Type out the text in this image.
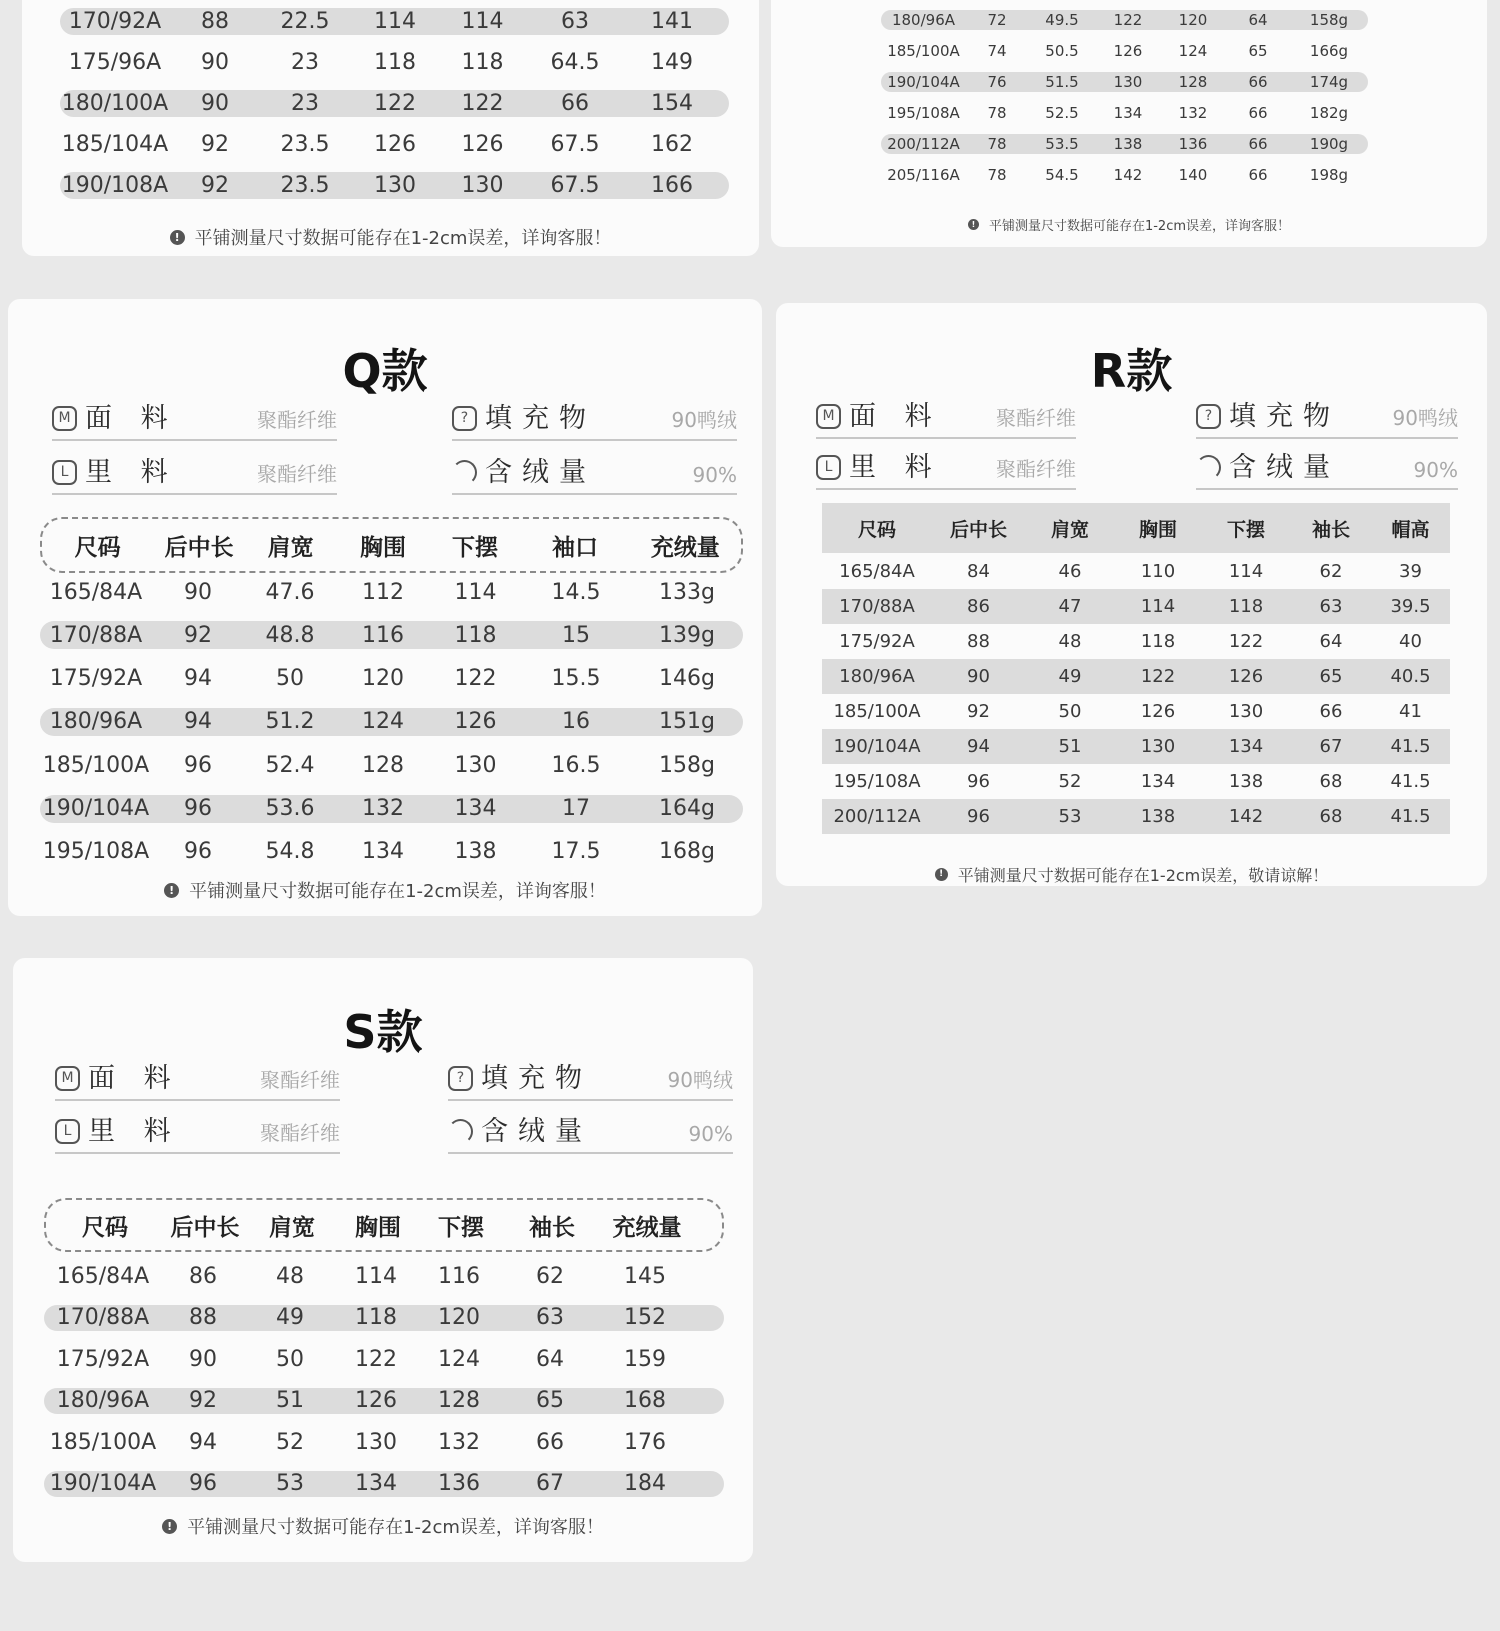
170/92A	88	22.5	114	114	63	141
175/96A	90	23	118	118	64.5	149
180/100A	90	23	122	122	66	154
185/104A	92	23.5	126	126	67.5	162
190/108A	92	23.5	130	130	67.5	166
! 平铺测量尺寸数据可能存在1-2cm误差，详询客服！
180/96A	72	49.5	122	120	64	158g
185/100A	74	50.5	126	124	65	166g
190/104A	76	51.5	130	128	66	174g
195/108A	78	52.5	134	132	66	182g
200/112A	78	53.5	138	136	66	190g
205/116A	78	54.5	142	140	66	198g
! 平铺测量尺寸数据可能存在1-2cm误差，详询客服！
Q款
M 面 料	聚酯纤维	? 填充物	90鸭绒
L 里 料	聚酯纤维	含绒量	90%
尺码	后中长	肩宽	胸围	下摆	袖口	充绒量
165/84A	90	47.6	112	114	14.5	133g
170/88A	92	48.8	116	118	15	139g
175/92A	94	50	120	122	15.5	146g
180/96A	94	51.2	124	126	16	151g
185/100A	96	52.4	128	130	16.5	158g
190/104A	96	53.6	132	134	17	164g
195/108A	96	54.8	134	138	17.5	168g
! 平铺测量尺寸数据可能存在1-2cm误差，详询客服！
R款
M 面 料	聚酯纤维	? 填充物	90鸭绒
L 里 料	聚酯纤维	含绒量	90%
尺码	后中长	肩宽	胸围	下摆	袖长	帽高
165/84A	84	46	110	114	62	39
170/88A	86	47	114	118	63	39.5
175/92A	88	48	118	122	64	40
180/96A	90	49	122	126	65	40.5
185/100A	92	50	126	130	66	41
190/104A	94	51	130	134	67	41.5
195/108A	96	52	134	138	68	41.5
200/112A	96	53	138	142	68	41.5
! 平铺测量尺寸数据可能存在1-2cm误差，敬请谅解！
S款
M 面 料	聚酯纤维	? 填充物	90鸭绒
L 里 料	聚酯纤维	含绒量	90%
尺码	后中长	肩宽	胸围	下摆	袖长	充绒量
165/84A	86	48	114	116	62	145
170/88A	88	49	118	120	63	152
175/92A	90	50	122	124	64	159
180/96A	92	51	126	128	65	168
185/100A	94	52	130	132	66	176
190/104A	96	53	134	136	67	184
! 平铺测量尺寸数据可能存在1-2cm误差，详询客服！
